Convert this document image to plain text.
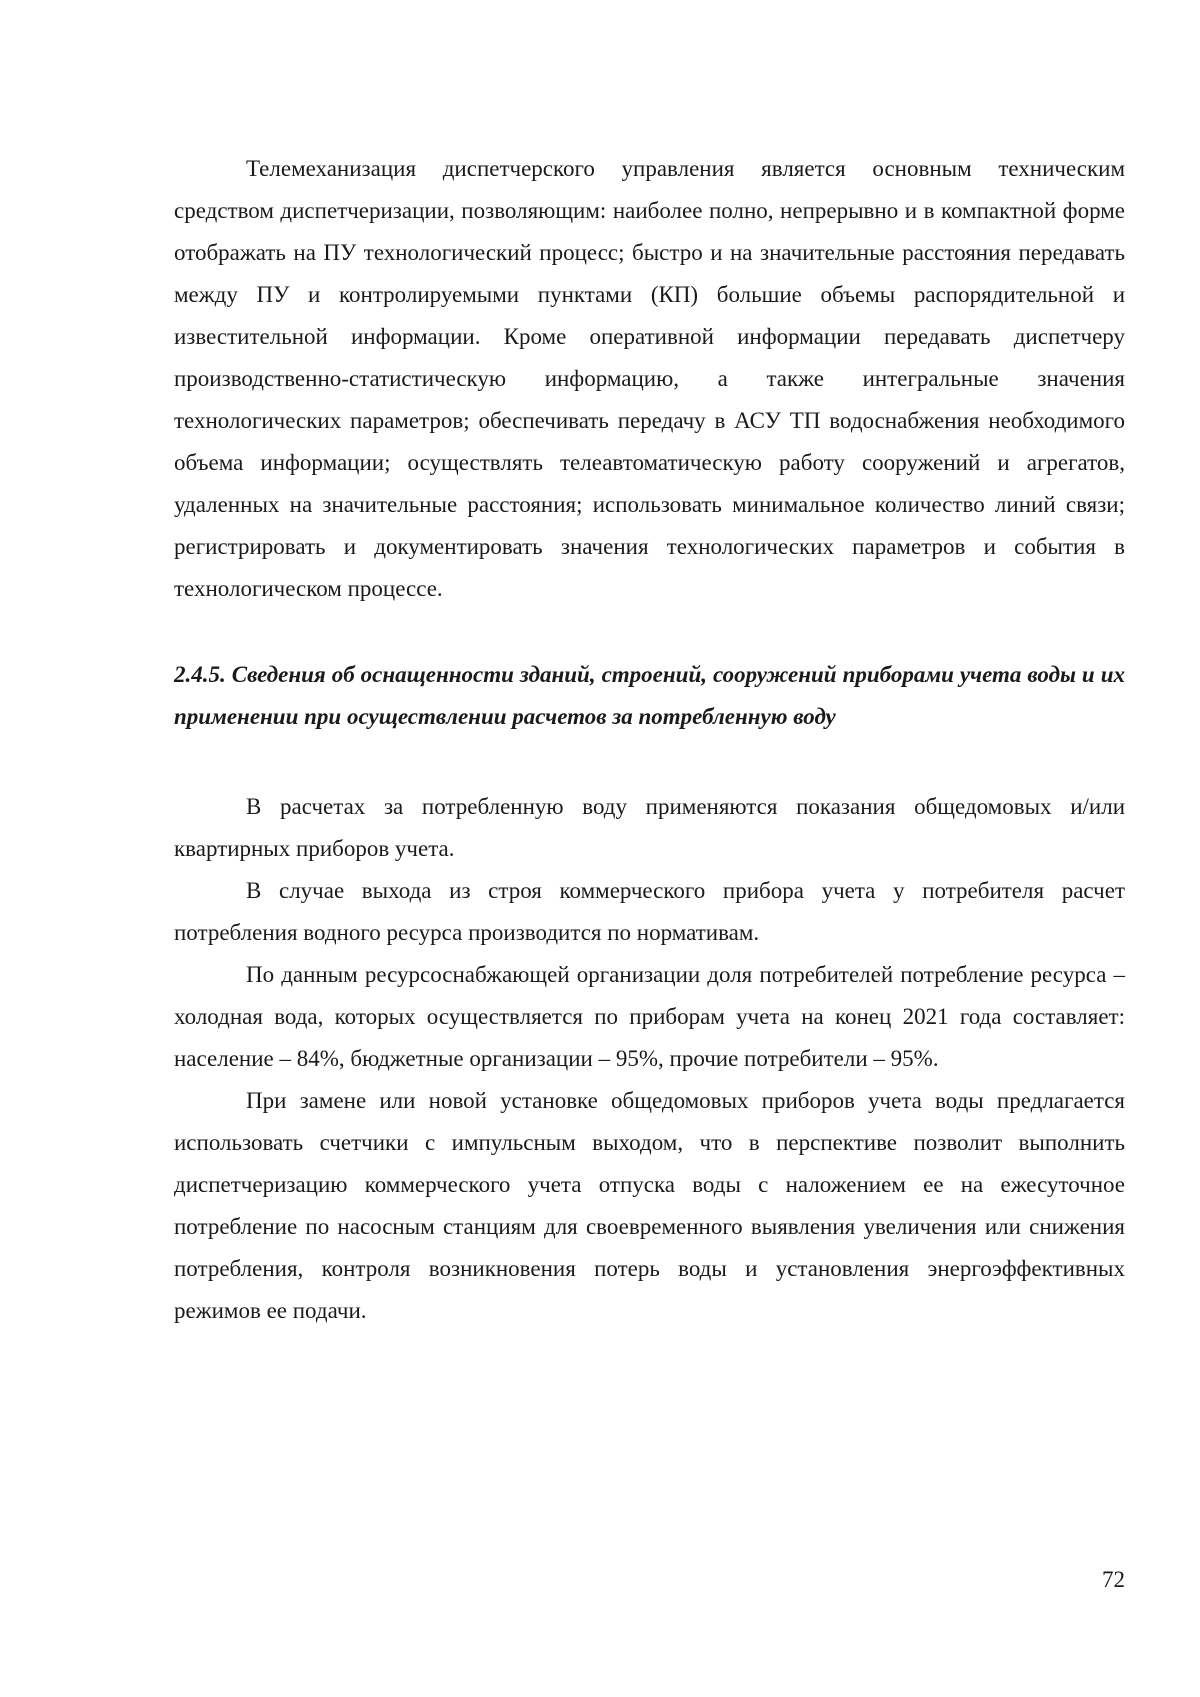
Телемеханизация диспетчерского управления является основным техническим средством диспетчеризации, позволяющим: наиболее полно, непрерывно и в компактной форме отображать на ПУ технологический процесс; быстро и на значительные расстояния передавать между ПУ и контролируемыми пунктами (КП) большие объемы распорядительной и известительной информации. Кроме оперативной информации передавать диспетчеру производственно-статистическую информацию, а также интегральные значения технологических параметров; обеспечивать передачу в АСУ ТП водоснабжения необходимого объема информации; осуществлять телеавтоматическую работу сооружений и агрегатов, удаленных на значительные расстояния; использовать минимальное количество линий связи; регистрировать и документировать значения технологических параметров и события в технологическом процессе.

2.4.5. Сведения об оснащенности зданий, строений, сооружений приборами учета воды и их применении при осуществлении расчетов за потребленную воду

В расчетах за потребленную воду применяются показания общедомовых и/или квартирных приборов учета.

В случае выхода из строя коммерческого прибора учета у потребителя расчет потребления водного ресурса производится по нормативам.

По данным ресурсоснабжающей организации доля потребителей потребление ресурса – холодная вода, которых осуществляется по приборам учета на конец 2021 года составляет: население – 84%, бюджетные организации – 95%, прочие потребители – 95%.

При замене или новой установке общедомовых приборов учета воды предлагается использовать счетчики с импульсным выходом, что в перспективе позволит выполнить диспетчеризацию коммерческого учета отпуска воды с наложением ее на ежесуточное потребление по насосным станциям для своевременного выявления увеличения или снижения потребления, контроля возникновения потерь воды и установления энергоэффективных режимов ее подачи.

72
